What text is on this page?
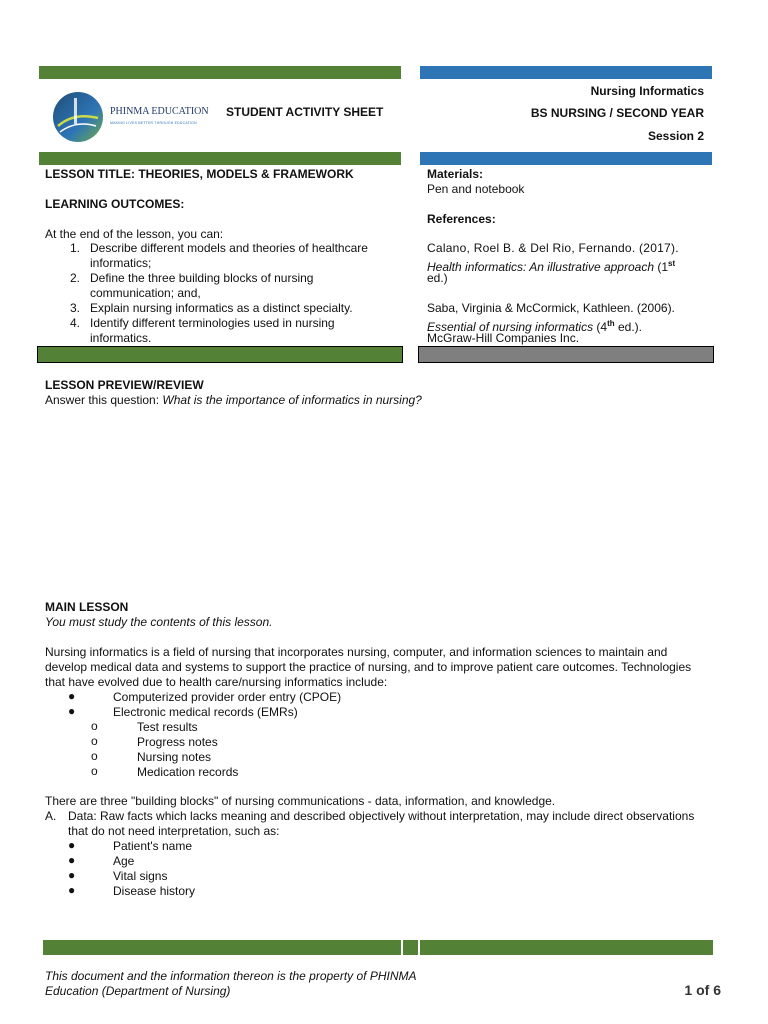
PHINMA EDUCATION
MAKING LIVES BETTER THROUGH EDUCATION
STUDENT ACTIVITY SHEET
Nursing Informatics
BS NURSING / SECOND YEAR
Session 2
LESSON TITLE: THEORIES, MODELS & FRAMEWORK
LEARNING OUTCOMES:
At the end of the lesson, you can:
1. Describe different models and theories of healthcare
informatics;
2. Define the three building blocks of nursing
communication; and,
3. Explain nursing informatics as a distinct specialty.
4. Identify different terminologies used in nursing
informatics.
Materials:
Pen and notebook
References:
Calano, Roel B. & Del Rio, Fernando. (2017).
Health informatics: An illustrative approach (1st
ed.)
Saba, Virginia & McCormick, Kathleen. (2006).
Essential of nursing informatics (4th ed.).
McGraw-Hill Companies Inc.
LESSON PREVIEW/REVIEW
Answer this question: What is the importance of informatics in nursing?
MAIN LESSON
You must study the contents of this lesson.
Nursing informatics is a field of nursing that incorporates nursing, computer, and information sciences to maintain and
develop medical data and systems to support the practice of nursing, and to improve patient care outcomes. Technologies
that have evolved due to health care/nursing informatics include:
●	Computerized provider order entry (CPOE)
●	Electronic medical records (EMRs)
o	Test results
o	Progress notes
o	Nursing notes
o	Medication records
There are three "building blocks" of nursing communications - data, information, and knowledge.
A. Data: Raw facts which lacks meaning and described objectively without interpretation, may include direct observations
that do not need interpretation, such as:
●	Patient's name
●	Age
●	Vital signs
●	Disease history
This document and the information thereon is the property of PHINMA
Education (Department of Nursing)	1 of 6
